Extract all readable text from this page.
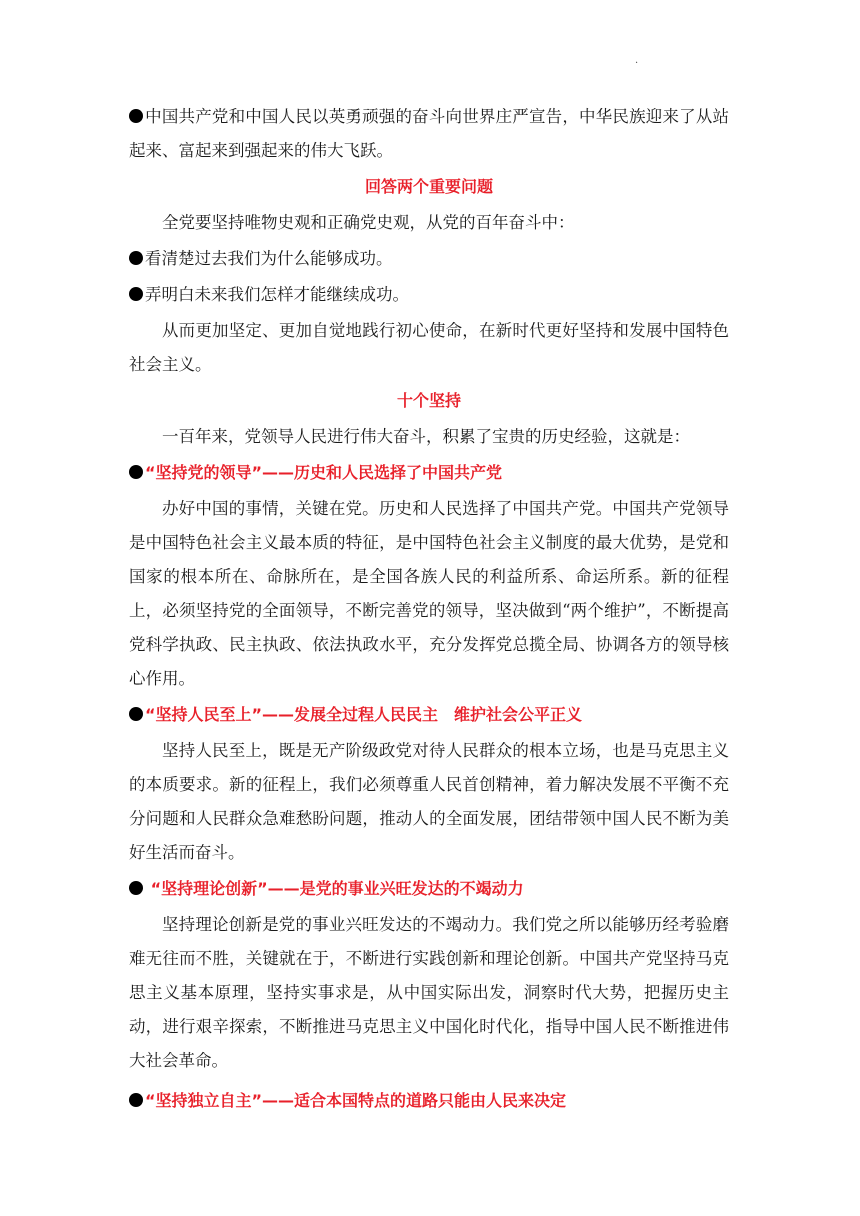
·

中国共产党和中国人民以英勇顽强的奋斗向世界庄严宣告，中华民族迎来了从站起来、富起来到强起来的伟大飞跃。

回答两个重要问题

全党要坚持唯物史观和正确党史观，从党的百年奋斗中：

看清楚过去我们为什么能够成功。

弄明白未来我们怎样才能继续成功。

从而更加坚定、更加自觉地践行初心使命，在新时代更好坚持和发展中国特色社会主义。

十个坚持

一百年来，党领导人民进行伟大奋斗，积累了宝贵的历史经验，这就是：

“坚持党的领导”——历史和人民选择了中国共产党

办好中国的事情，关键在党。历史和人民选择了中国共产党。中国共产党领导是中国特色社会主义最本质的特征，是中国特色社会主义制度的最大优势，是党和国家的根本所在、命脉所在，是全国各族人民的利益所系、命运所系。新的征程上，必须坚持党的全面领导，不断完善党的领导，坚决做到“两个维护”，不断提高党科学执政、民主执政、依法执政水平，充分发挥党总揽全局、协调各方的领导核心作用。

“坚持人民至上”——发展全过程人民民主　维护社会公平正义

坚持人民至上，既是无产阶级政党对待人民群众的根本立场，也是马克思主义的本质要求。新的征程上，我们必须尊重人民首创精神，着力解决发展不平衡不充分问题和人民群众急难愁盼问题，推动人的全面发展，团结带领中国人民不断为美好生活而奋斗。

“坚持理论创新”——是党的事业兴旺发达的不竭动力

坚持理论创新是党的事业兴旺发达的不竭动力。我们党之所以能够历经考验磨难无往而不胜，关键就在于，不断进行实践创新和理论创新。中国共产党坚持马克思主义基本原理，坚持实事求是，从中国实际出发，洞察时代大势，把握历史主动，进行艰辛探索，不断推进马克思主义中国化时代化，指导中国人民不断推进伟大社会革命。

“坚持独立自主”——适合本国特点的道路只能由人民来决定
